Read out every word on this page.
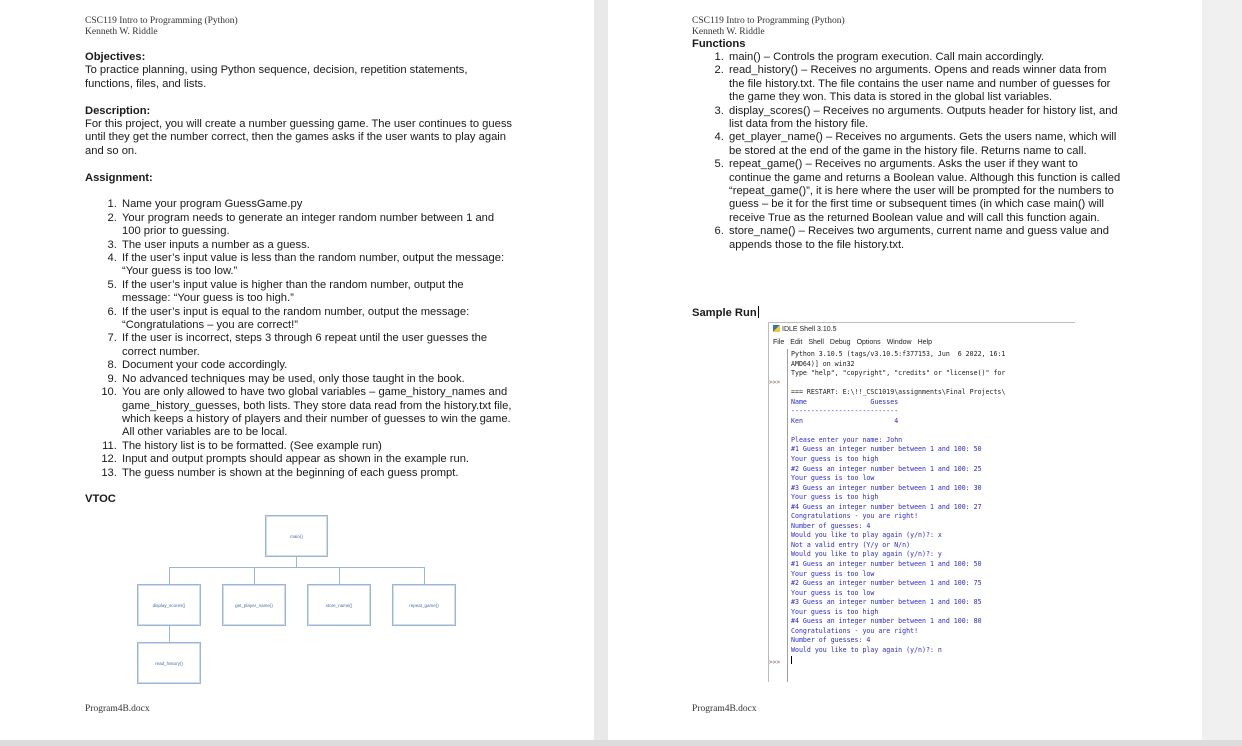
CSC119 Intro to Programming (Python)
Kenneth W. Riddle

Objectives:

To practice planning, using Python sequence, decision, repetition statements, functions, files, and lists.

Description:

For this project, you will create a number guessing game. The user continues to guess until they get the number correct, then the games asks if the user wants to play again and so on.

Assignment:

1. Name your program GuessGame.py
2. Your program needs to generate an integer random number between 1 and 100 prior to guessing.
3. The user inputs a number as a guess.
4. If the user’s input value is less than the random number, output the message: “Your guess is too low.”
5. If the user’s input value is higher than the random number, output the message: “Your guess is too high.”
6. If the user’s input is equal to the random number, output the message: “Congratulations – you are correct!”
7. If the user is incorrect, steps 3 through 6 repeat until the user guesses the correct number.
8. Document your code accordingly.
9. No advanced techniques may be used, only those taught in the book.
10. You are only allowed to have two global variables – game_history_names and game_history_guesses, both lists. They store data read from the history.txt file, which keeps a history of players and their number of guesses to win the game. All other variables are to be local.
11. The history list is to be formatted. (See example run)
12. Input and output prompts should appear as shown in the example run.
13. The guess number is shown at the beginning of each guess prompt.

VTOC

main()
display_scores()	get_player_name()	store_name()	repeat_game()
read_history()
Program4B.docx
CSC119 Intro to Programming (Python)
Kenneth W. Riddle
Functions
1. main() – Controls the program execution. Call main accordingly.
2. read_history() – Receives no arguments. Opens and reads winner data from the file history.txt. The file contains the user name and number of guesses for the game they won. This data is stored in the global list variables.
3. display_scores() – Receives no arguments. Outputs header for history list, and list data from the history file.
4. get_player_name() – Receives no arguments. Gets the users name, which will be stored at the end of the game in the history file. Returns name to call.
5. repeat_game() – Receives no arguments. Asks the user if they want to continue the game and returns a Boolean value. Although this function is called “repeat_game()”, it is here where the user will be prompted for the numbers to guess – be it for the first time or subsequent times (in which case main() will receive True as the returned Boolean value and will call this function again.
6. store_name() – Receives two arguments, current name and guess value and appends those to the file history.txt.
Sample Run
Program4B.docx
IDLE Shell 3.10.5
File Edit Shell Debug Options Window Help
>>>
>>>
Python 3.10.5 (tags/v3.10.5:f377153, Jun  6 2022, 16:1
AMD64)] on win32
Type "help", "copyright", "credits" or "license()" for
=== RESTART: E:\!!_CSC1019\assignments\Final Projects\
Name                Guesses
---------------------------
Ken                       4
Please enter your name: John
#1 Guess an integer number between 1 and 100: 50
Your guess is too high
#2 Guess an integer number between 1 and 100: 25
Your guess is too low
#3 Guess an integer number between 1 and 100: 30
Your guess is too high
#4 Guess an integer number between 1 and 100: 27
Congratulations - you are right!
Number of guesses: 4
Would you like to play again (y/n)?: x
Not a valid entry (Y/y or N/n)
Would you like to play again (y/n)?: y
#1 Guess an integer number between 1 and 100: 50
Your guess is too low
#2 Guess an integer number between 1 and 100: 75
Your guess is too low
#3 Guess an integer number between 1 and 100: 85
Your guess is too high
#4 Guess an integer number between 1 and 100: 80
Congratulations - you are right!
Number of guesses: 4
Would you like to play again (y/n)?: n
